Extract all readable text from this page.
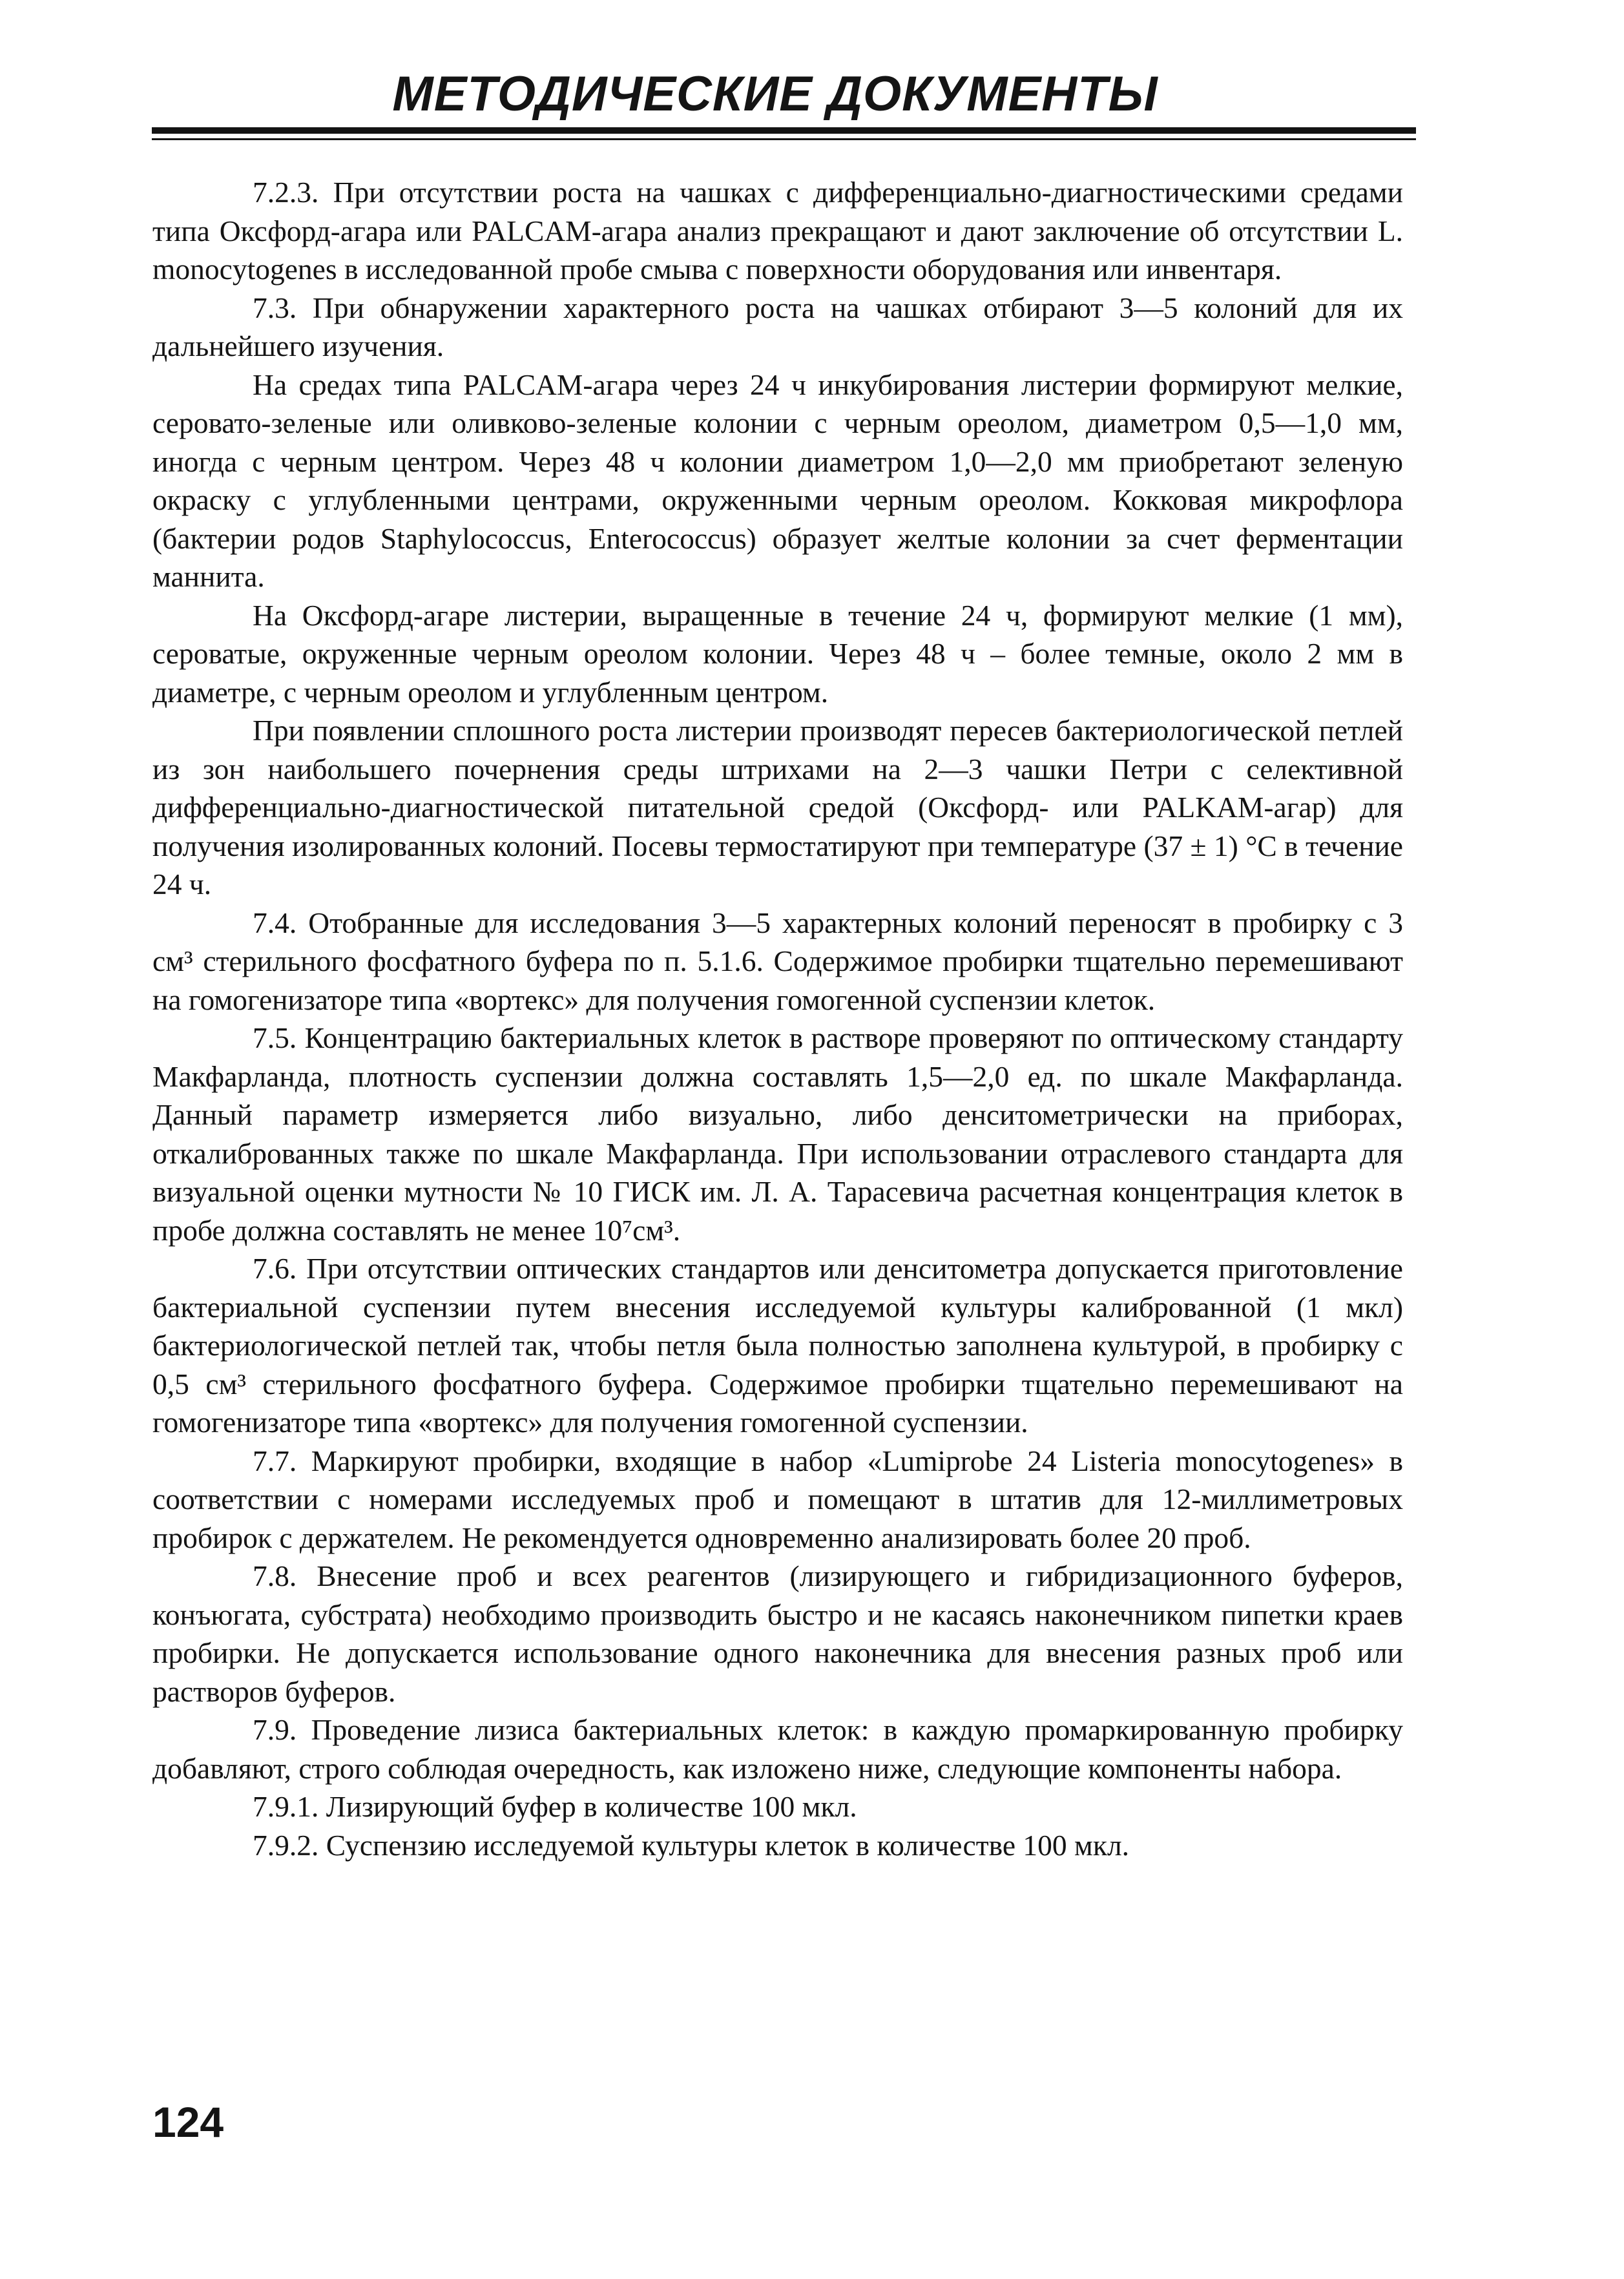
МЕТОДИЧЕСКИЕ ДОКУМЕНТЫ

7.2.3. При отсутствии роста на чашках с дифференциально-диагностическими средами типа Оксфорд-агара или PALCAM-агара анализ прекращают и дают заключение об отсутствии L. monocytogenes в исследованной пробе смыва с поверхности оборудования или инвентаря.

7.3. При обнаружении характерного роста на чашках отбирают 3—5 колоний для их дальнейшего изучения.

На средах типа PALCAM-агара через 24 ч инкубирования листерии формируют мелкие, серовато-зеленые или оливково-зеленые колонии с черным ореолом, диаметром 0,5—1,0 мм, иногда с черным центром. Через 48 ч колонии диаметром 1,0—2,0 мм приобретают зеленую окраску с углубленными центрами, окруженными черным ореолом. Кокковая микрофлора (бактерии родов Staphylococcus, Enterococcus) образует желтые колонии за счет ферментации маннита.

На Оксфорд-агаре листерии, выращенные в течение 24 ч, формируют мелкие (1 мм), сероватые, окруженные черным ореолом колонии. Через 48 ч – более темные, около 2 мм в диаметре, с черным ореолом и углубленным центром.

При появлении сплошного роста листерии производят пересев бактериологической петлей из зон наибольшего почернения среды штрихами на 2—3 чашки Петри с селективной дифференциально-диагностической питательной средой (Оксфорд- или PALKAM-агар) для получения изолированных колоний. Посевы термостатируют при температуре (37 ± 1) °С в течение 24 ч.

7.4. Отобранные для исследования 3—5 характерных колоний переносят в пробирку с 3 см³ стерильного фосфатного буфера по п. 5.1.6. Содержимое пробирки тщательно перемешивают на гомогенизаторе типа «вортекс» для получения гомогенной суспензии клеток.

7.5. Концентрацию бактериальных клеток в растворе проверяют по оптическому стандарту Макфарланда, плотность суспензии должна составлять 1,5—2,0 ед. по шкале Макфарланда. Данный параметр измеряется либо визуально, либо денситометрически на приборах, откалиброванных также по шкале Макфарланда. При использовании отраслевого стандарта для визуальной оценки мутности № 10 ГИСК им. Л. А. Тарасевича расчетная концентрация клеток в пробе должна составлять не менее 10⁷см³.

7.6. При отсутствии оптических стандартов или денситометра допускается приготовление бактериальной суспензии путем внесения исследуемой культуры калиброванной (1 мкл) бактериологической петлей так, чтобы петля была полностью заполнена культурой, в пробирку с 0,5 см³ стерильного фосфатного буфера. Содержимое пробирки тщательно перемешивают на гомогенизаторе типа «вортекс» для получения гомогенной суспензии.

7.7. Маркируют пробирки, входящие в набор «Lumiprobe 24 Listeria monocytogenes» в соответствии с номерами исследуемых проб и помещают в штатив для 12-миллиметровых пробирок с держателем. Не рекомендуется одновременно анализировать более 20 проб.

7.8. Внесение проб и всех реагентов (лизирующего и гибридизационного буферов, конъюгата, субстрата) необходимо производить быстро и не касаясь наконечником пипетки краев пробирки. Не допускается использование одного наконечника для внесения разных проб или растворов буферов.

7.9. Проведение лизиса бактериальных клеток: в каждую промаркированную пробирку добавляют, строго соблюдая очередность, как изложено ниже, следующие компоненты набора.

7.9.1. Лизирующий буфер в количестве 100 мкл.

7.9.2. Суспензию исследуемой культуры клеток в количестве 100 мкл.

124
